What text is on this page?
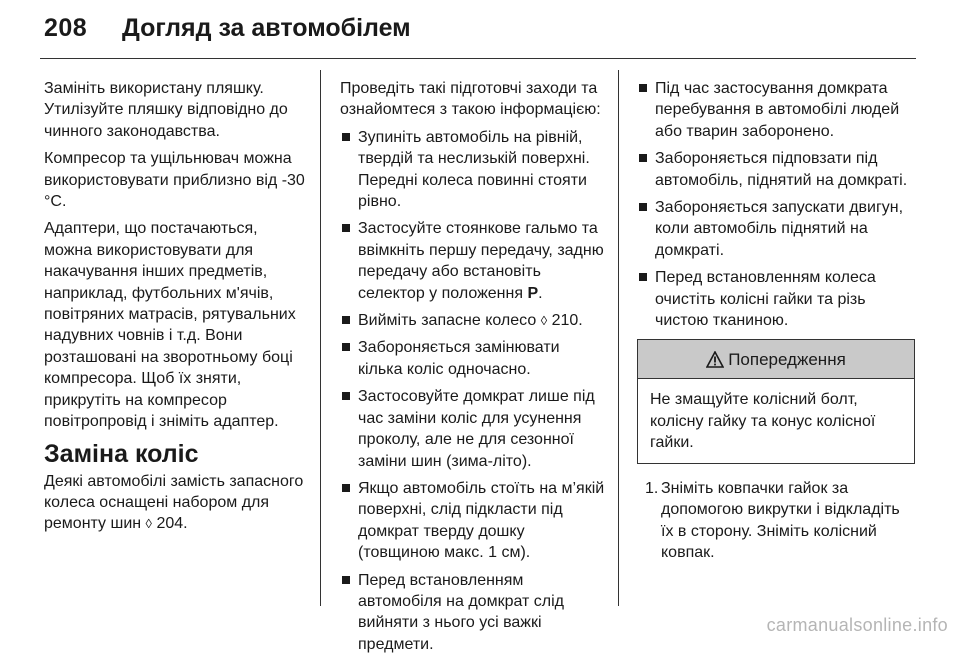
208 Догляд за автомобілем

Замініть використану пляшку. Утилізуйте пляшку відповідно до чинного законодавства.

Компресор та ущільнювач можна використовувати приблизно від -30 °C.

Адаптери, що постачаються, можна використовувати для накачування інших предметів, наприклад, футбольних м'ячів, повітряних матрасів, рятувальних надувних човнів і т.д. Вони розташовані на зворотньому боці компресора. Щоб їх зняти, прикрутіть на компресор повітропровід і зніміть адаптер.

Заміна коліс

Деякі автомобілі замість запасного колеса оснащені набором для ремонту шин ◊ 204.

Проведіть такі підготовчі заходи та ознайомтеся з такою інформацією:

Зупиніть автомобіль на рівній, твердій та неслизькій поверхні. Передні колеса повинні стояти рівно.
Застосуйте стоянкове гальмо та ввімкніть першу передачу, задню передачу або встановіть селектор у положення P.
Вийміть запасне колесо ◊ 210.
Забороняється замінювати кілька коліс одночасно.
Застосовуйте домкрат лише під час заміни коліс для усунення проколу, але не для сезонної заміни шин (зима-літо).
Якщо автомобіль стоїть на м’якій поверхні, слід підкласти під домкрат тверду дошку (товщиною макс. 1 см).
Перед встановленням автомобіля на домкрат слід вийняти з нього усі важкі предмети.
Під час застосування домкрата перебування в автомобілі людей або тварин заборонено.
Забороняється підповзати під автомобіль, піднятий на домкраті.
Забороняється запускати двигун, коли автомобіль піднятий на домкраті.
Перед встановленням колеса очистіть колісні гайки та різь чистою тканиною.
Попередження
Не змащуйте колісний болт, колісну гайку та конус колісної гайки.
1. Зніміть ковпачки гайок за допомогою викрутки і відкладіть їх в сторону. Зніміть колісний ковпак.
carmanualsonline.info
